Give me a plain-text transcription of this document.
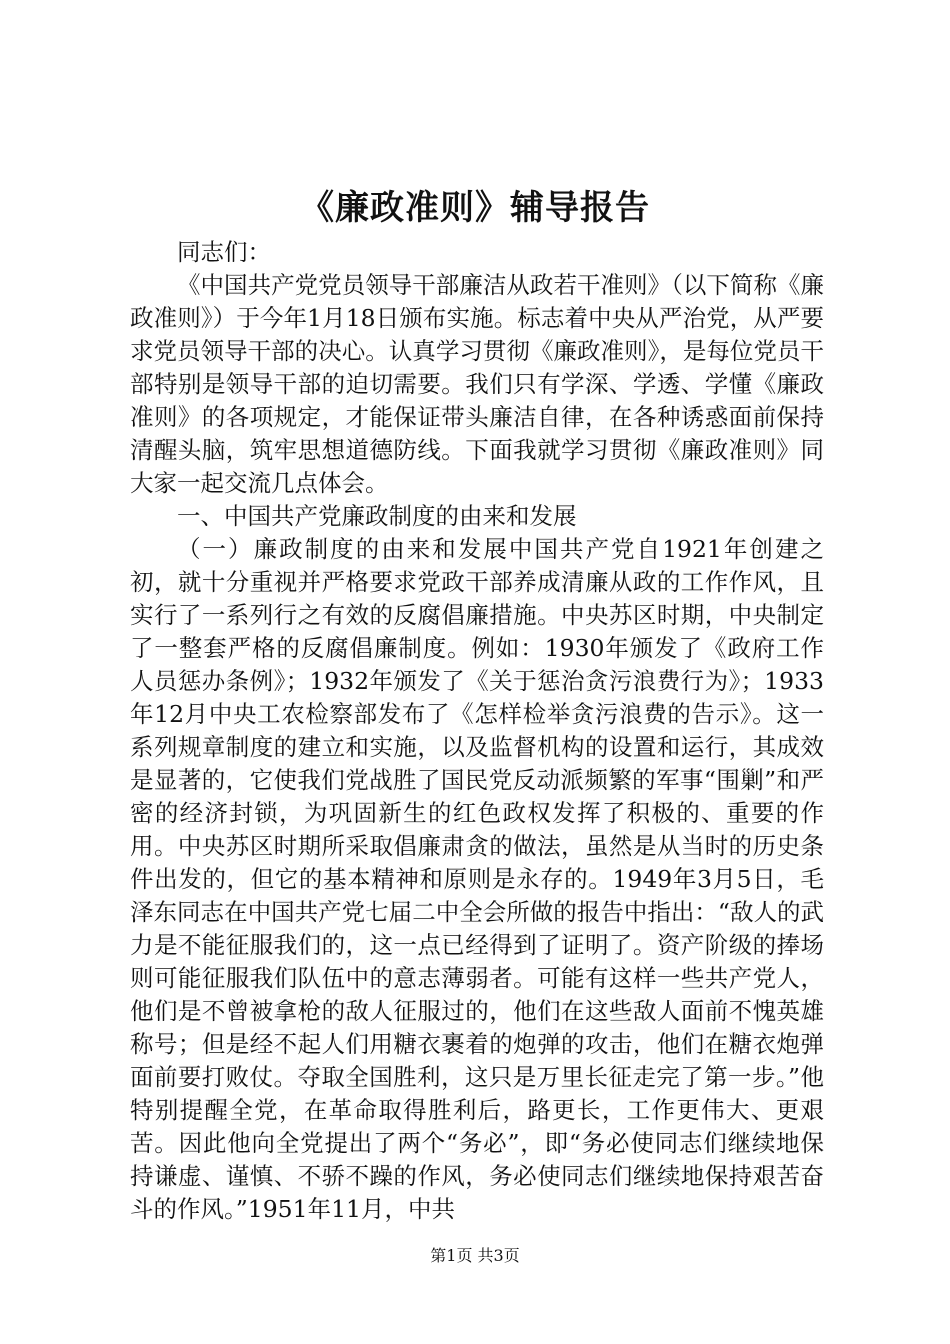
《廉政准则》辅导报告

同志们：

《中国共产党党员领导干部廉洁从政若干准则》（以下简称《廉政准则》）于今年1月18日颁布实施。标志着中央从严治党，从严要求党员领导干部的决心。认真学习贯彻《廉政准则》，是每位党员干部特别是领导干部的迫切需要。我们只有学深、学透、学懂《廉政准则》的各项规定，才能保证带头廉洁自律，在各种诱惑面前保持清醒头脑，筑牢思想道德防线。下面我就学习贯彻《廉政准则》同大家一起交流几点体会。

一、中国共产党廉政制度的由来和发展

（一）廉政制度的由来和发展中国共产党自1921年创建之初，就十分重视并严格要求党政干部养成清廉从政的工作作风，且实行了一系列行之有效的反腐倡廉措施。中央苏区时期，中央制定了一整套严格的反腐倡廉制度。例如：1930年颁发了《政府工作人员惩办条例》；1932年颁发了《关于惩治贪污浪费行为》；1933年12月中央工农检察部发布了《怎样检举贪污浪费的告示》。这一系列规章制度的建立和实施，以及监督机构的设置和运行，其成效是显著的，它使我们党战胜了国民党反动派频繁的军事“围剿”和严密的经济封锁，为巩固新生的红色政权发挥了积极的、重要的作用。中央苏区时期所采取倡廉肃贪的做法，虽然是从当时的历史条件出发的，但它的基本精神和原则是永存的。1949年3月5日，毛泽东同志在中国共产党七届二中全会所做的报告中指出：“敌人的武力是不能征服我们的，这一点已经得到了证明了。资产阶级的捧场则可能征服我们队伍中的意志薄弱者。可能有这样一些共产党人，他们是不曾被拿枪的敌人征服过的，他们在这些敌人面前不愧英雄称号；但是经不起人们用糖衣裹着的炮弹的攻击，他们在糖衣炮弹面前要打败仗。夺取全国胜利，这只是万里长征走完了第一步。”他特别提醒全党，在革命取得胜利后，路更长，工作更伟大、更艰苦。因此他向全党提出了两个“务必”，即“务必使同志们继续地保持谦虚、谨慎、不骄不躁的作风，务必使同志们继续地保持艰苦奋斗的作风。”1951年11月，中共

第1页 共3页
